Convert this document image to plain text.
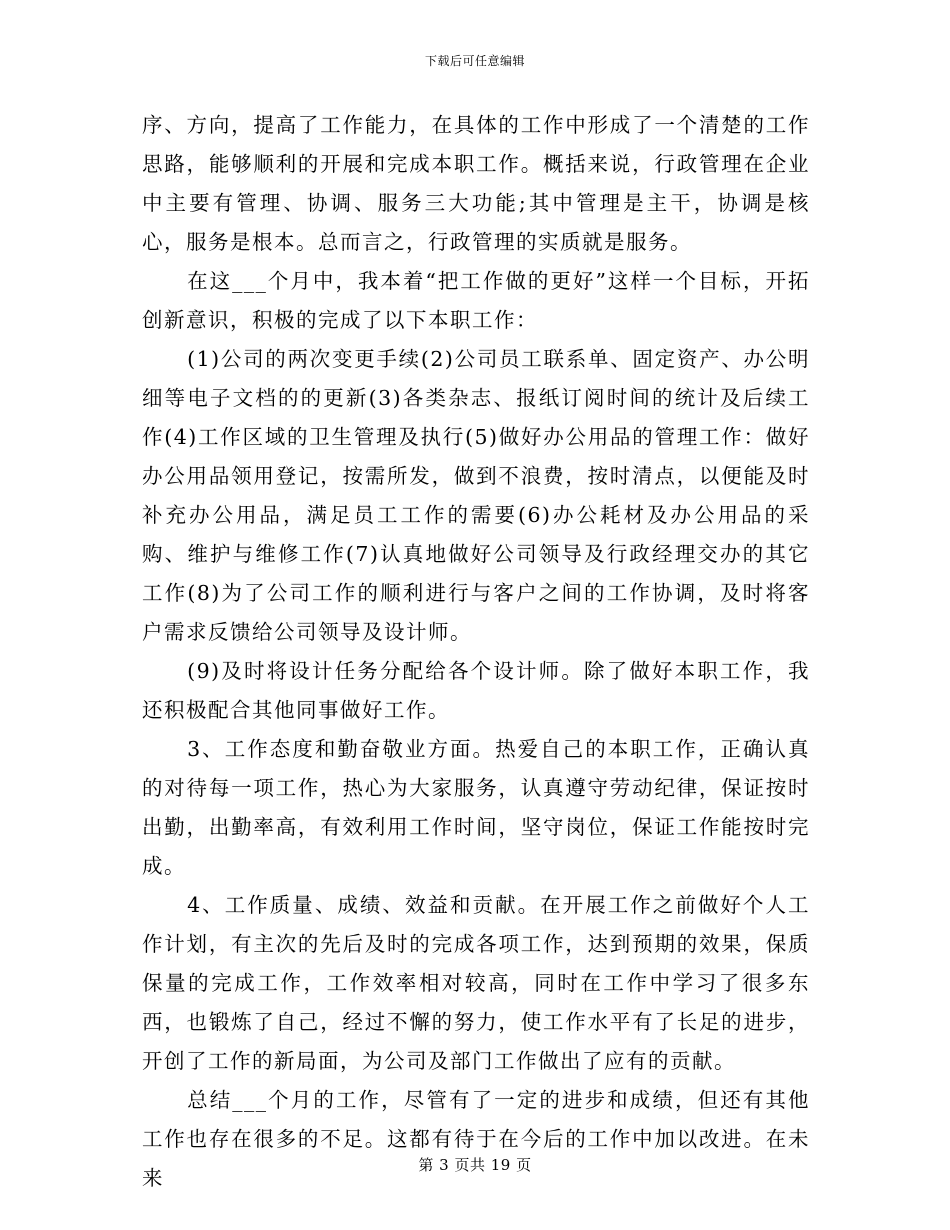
下载后可任意编辑

序、方向，提高了工作能力，在具体的工作中形成了一个清楚的工作思路，能够顺利的开展和完成本职工作。概括来说，行政管理在企业中主要有管理、协调、服务三大功能;其中管理是主干，协调是核心，服务是根本。总而言之，行政管理的实质就是服务。

在这___个月中，我本着“把工作做的更好”这样一个目标，开拓创新意识，积极的完成了以下本职工作：

(1)公司的两次变更手续(2)公司员工联系单、固定资产、办公明细等电子文档的的更新(3)各类杂志、报纸订阅时间的统计及后续工作(4)工作区域的卫生管理及执行(5)做好办公用品的管理工作：做好办公用品领用登记，按需所发，做到不浪费，按时清点，以便能及时补充办公用品，满足员工工作的需要(6)办公耗材及办公用品的采购、维护与维修工作(7)认真地做好公司领导及行政经理交办的其它工作(8)为了公司工作的顺利进行与客户之间的工作协调，及时将客户需求反馈给公司领导及设计师。

(9)及时将设计任务分配给各个设计师。除了做好本职工作，我还积极配合其他同事做好工作。

3、工作态度和勤奋敬业方面。热爱自己的本职工作，正确认真的对待每一项工作，热心为大家服务，认真遵守劳动纪律，保证按时出勤，出勤率高，有效利用工作时间，坚守岗位，保证工作能按时完成。

4、工作质量、成绩、效益和贡献。在开展工作之前做好个人工作计划，有主次的先后及时的完成各项工作，达到预期的效果，保质保量的完成工作，工作效率相对较高，同时在工作中学习了很多东西，也锻炼了自己，经过不懈的努力，使工作水平有了长足的进步，开创了工作的新局面，为公司及部门工作做出了应有的贡献。

总结___个月的工作，尽管有了一定的进步和成绩，但还有其他工作也存在很多的不足。这都有待于在今后的工作中加以改进。在未来

第 3 页共 19 页
